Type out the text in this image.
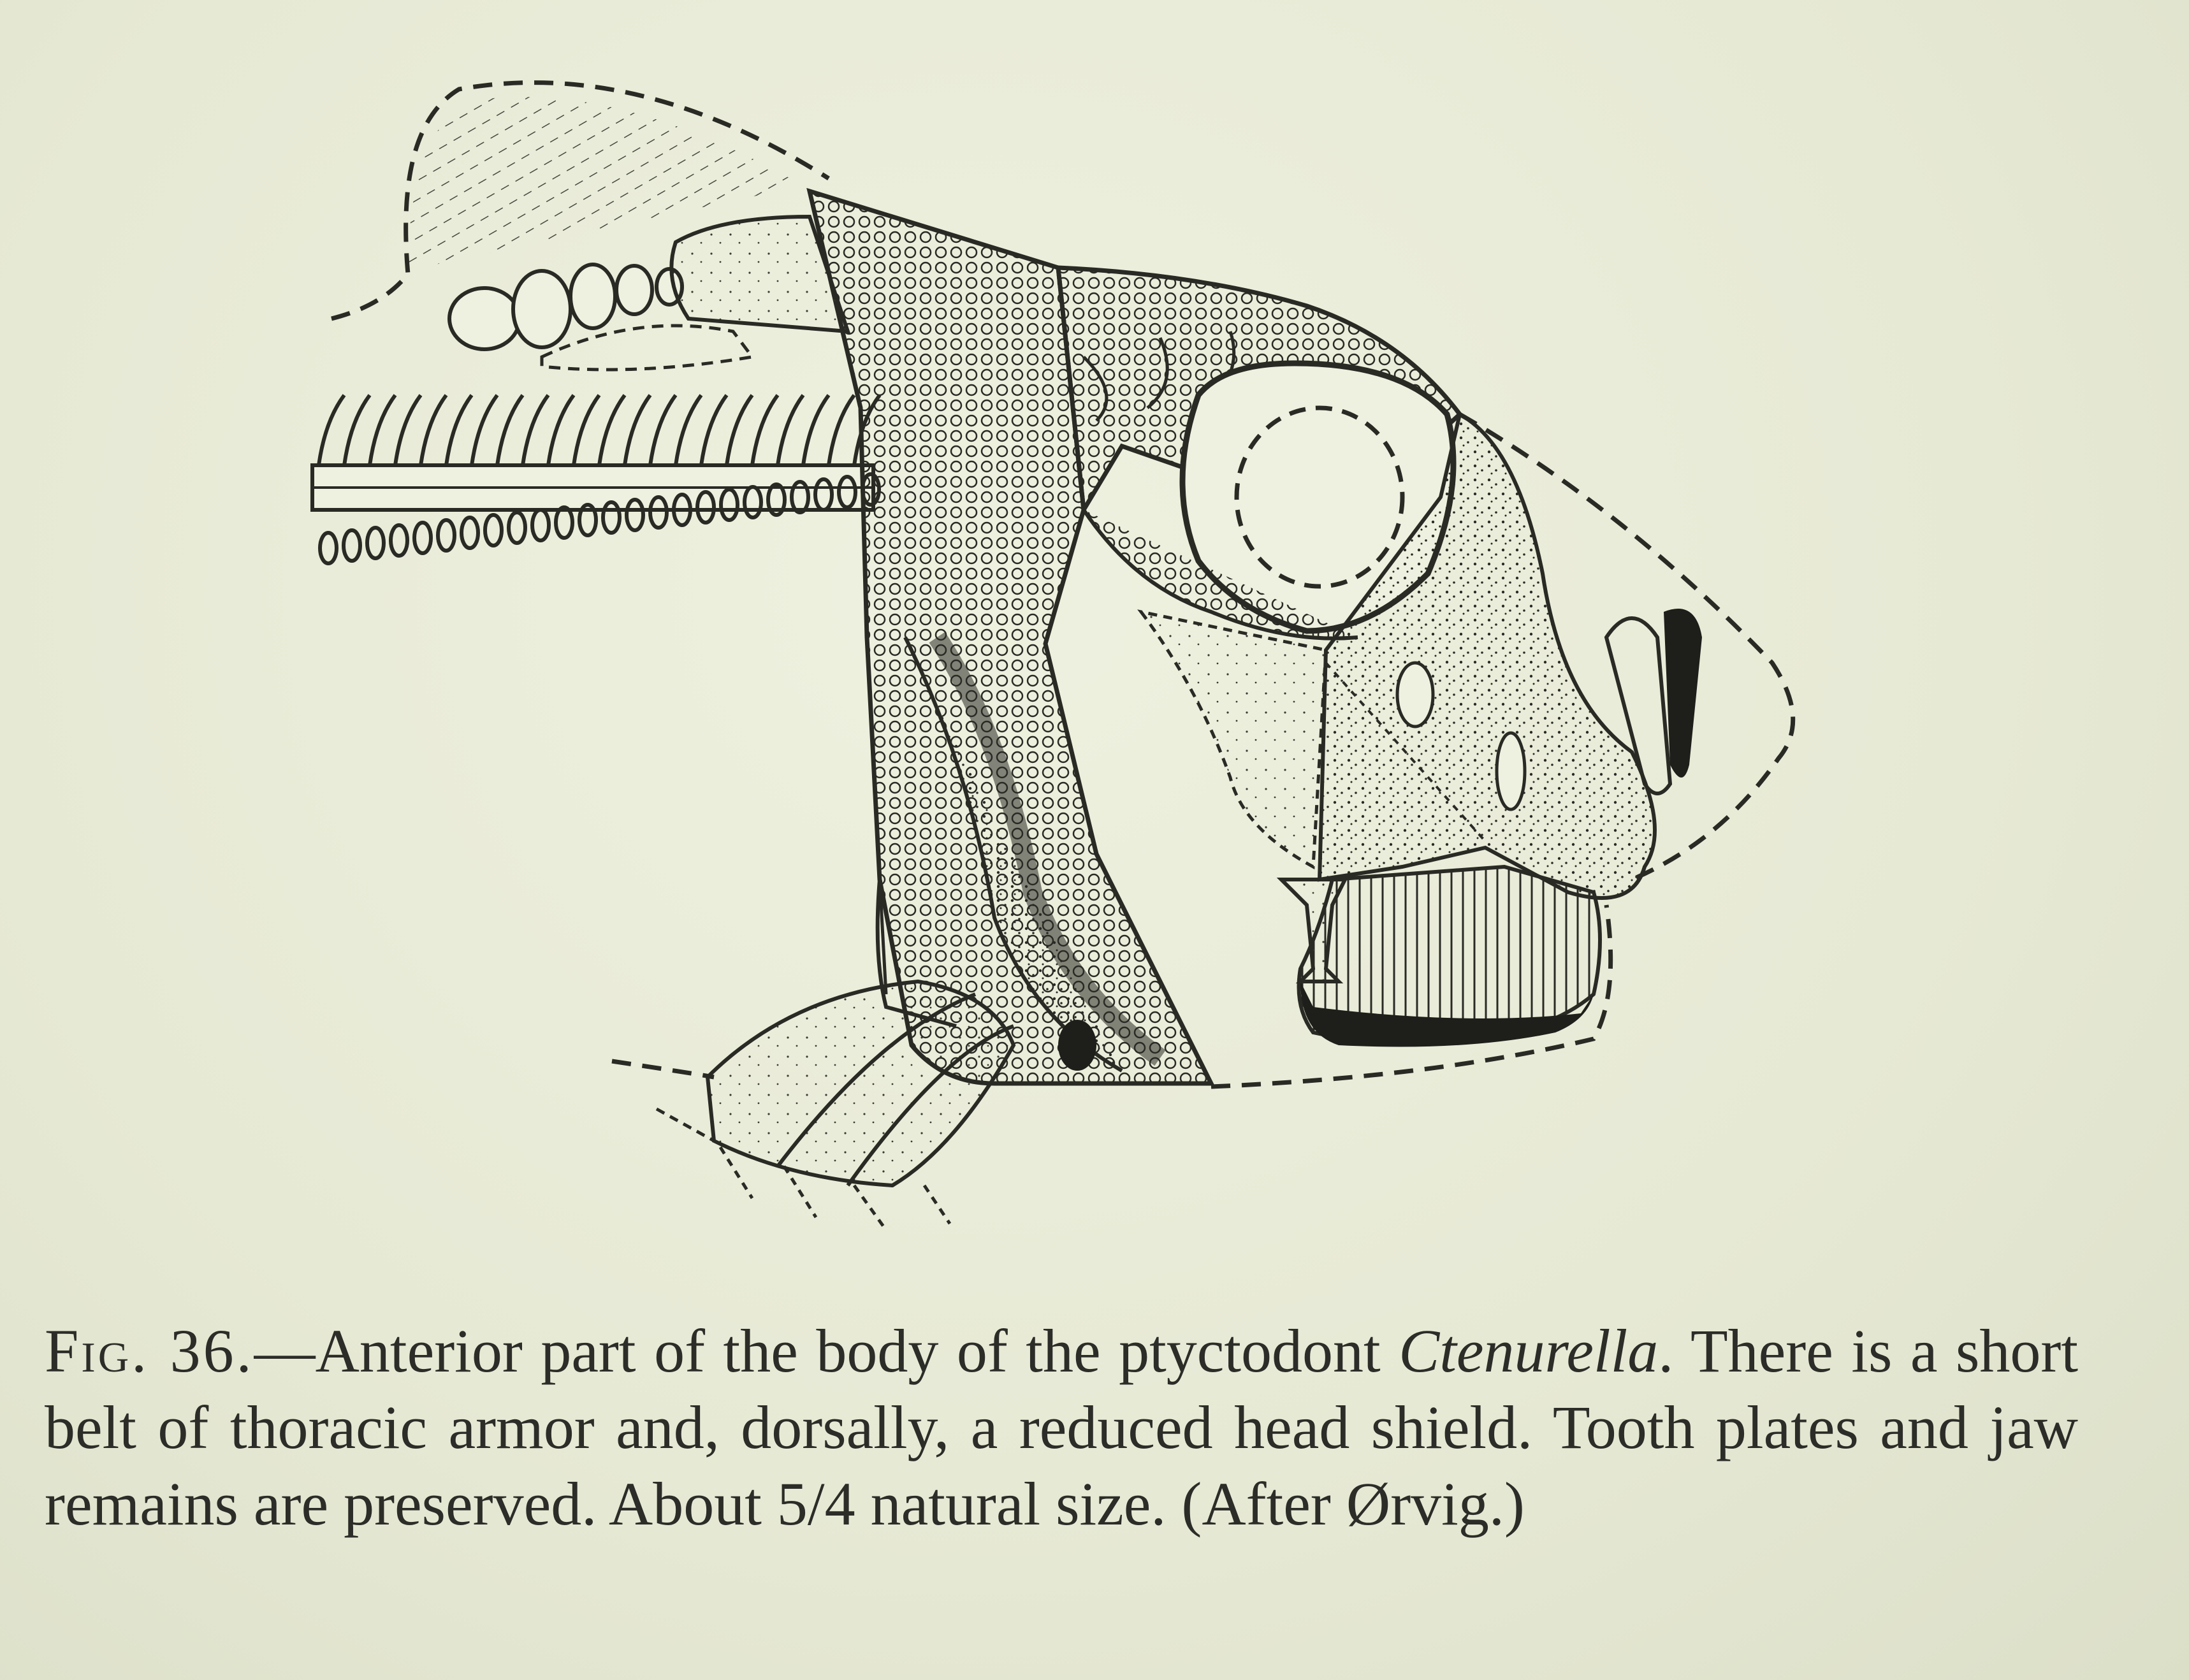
Fig. 36.—Anterior part of the body of the ptyctodont Ctenurella. There is a short belt of thoracic armor and, dorsally, a reduced head shield. Tooth plates and jaw remains are preserved. About 5/4 natural size. (After Ørvig.)
